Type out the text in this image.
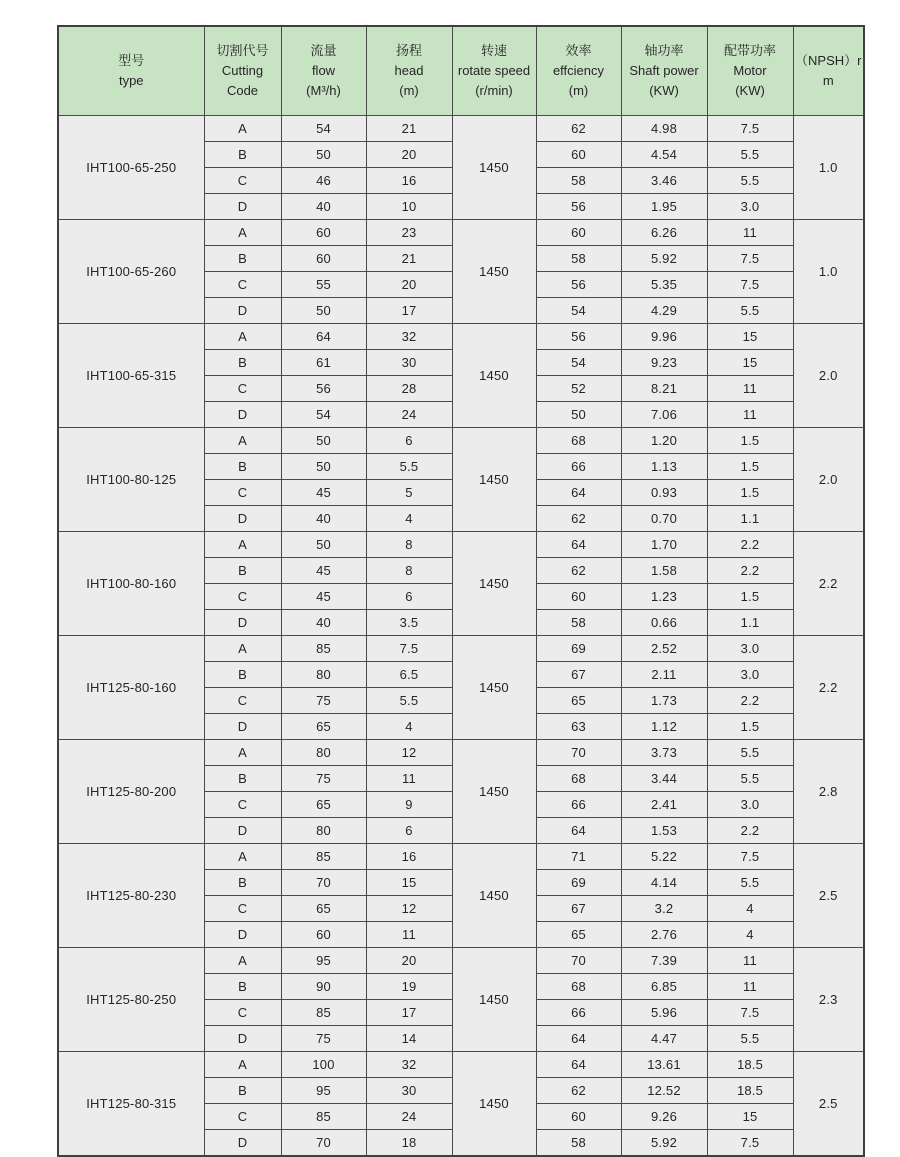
型号
type	切割代号
Cutting
Code	流量
flow
(M³/h)	扬程
head
(m)	转速
rotate speed
(r/min)	效率
effciency
(m)	轴功率
Shaft power
(KW)	配带功率
Motor
(KW)	（NPSH）r
m

IHT100-65-250	A	54	21	1450	62	4.98	7.5	1.0
	B	50	20		60	4.54	5.5	
	C	46	16		58	3.46	5.5	
	D	40	10		56	1.95	3.0	
IHT100-65-260	A	60	23	1450	60	6.26	11	1.0
	B	60	21		58	5.92	7.5	
	C	55	20		56	5.35	7.5	
	D	50	17		54	4.29	5.5	
IHT100-65-315	A	64	32	1450	56	9.96	15	2.0
	B	61	30		54	9.23	15	
	C	56	28		52	8.21	11	
	D	54	24		50	7.06	11	
IHT100-80-125	A	50	6	1450	68	1.20	1.5	2.0
	B	50	5.5		66	1.13	1.5	
	C	45	5		64	0.93	1.5	
	D	40	4		62	0.70	1.1	
IHT100-80-160	A	50	8	1450	64	1.70	2.2	2.2
	B	45	8		62	1.58	2.2	
	C	45	6		60	1.23	1.5	
	D	40	3.5		58	0.66	1.1	
IHT125-80-160	A	85	7.5	1450	69	2.52	3.0	2.2
	B	80	6.5		67	2.11	3.0	
	C	75	5.5		65	1.73	2.2	
	D	65	4		63	1.12	1.5	
IHT125-80-200	A	80	12	1450	70	3.73	5.5	2.8
	B	75	11		68	3.44	5.5	
	C	65	9		66	2.41	3.0	
	D	80	6		64	1.53	2.2	
IHT125-80-230	A	85	16	1450	71	5.22	7.5	2.5
	B	70	15		69	4.14	5.5	
	C	65	12		67	3.2	4	
	D	60	11		65	2.76	4	
IHT125-80-250	A	95	20	1450	70	7.39	11	2.3
	B	90	19		68	6.85	11	
	C	85	17		66	5.96	7.5	
	D	75	14		64	4.47	5.5	
IHT125-80-315	A	100	32	1450	64	13.61	18.5	2.5
	B	95	30		62	12.52	18.5	
	C	85	24		60	9.26	15	
	D	70	18		58	5.92	7.5	
